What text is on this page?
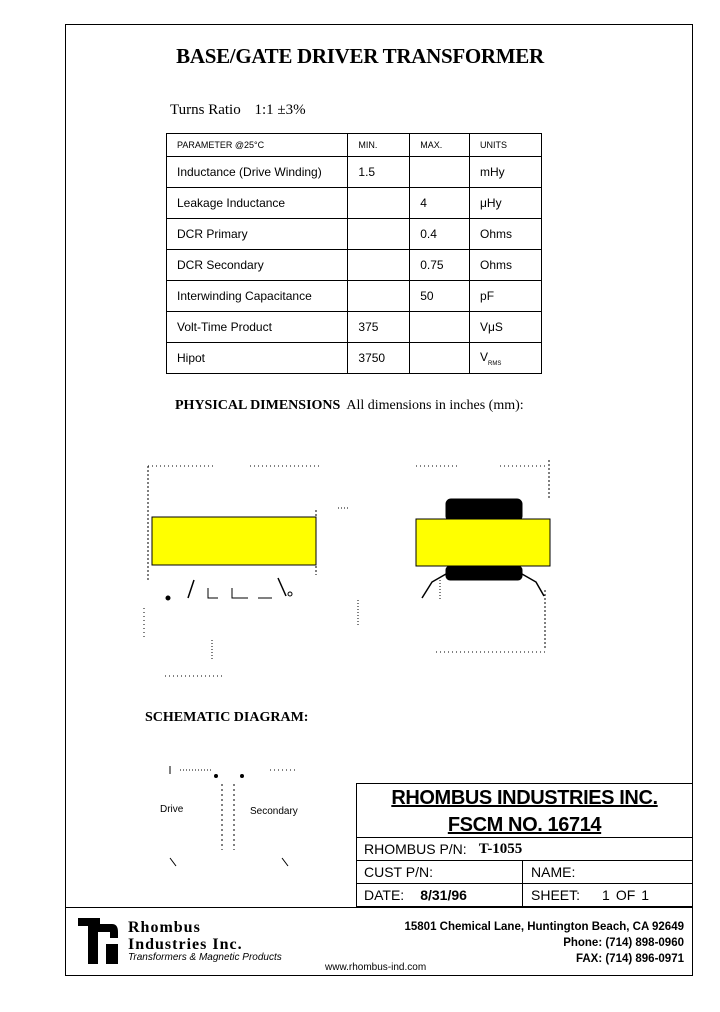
BASE/GATE DRIVER TRANSFORMER
Turns Ratio 1:1 ±3%
PARAMETER @25°C	MIN.	MAX.	UNITS
Inductance (Drive Winding)	1.5		mHy
Leakage Inductance		4	μHy
DCR Primary		0.4	Ohms
DCR Secondary		0.75	Ohms
Interwinding Capacitance		50	pF
Volt-Time Product	375		VμS
Hipot	3750		$V_{RMS}$
PHYSICAL DIMENSIONS All dimensions in inches (mm):
SCHEMATIC DIAGRAM:
Drive	Secondary
RHOMBUS INDUSTRIES INC.
FSCM NO. 16714
RHOMBUS P/N: T-1055
CUST P/N:	NAME:
DATE: 8/31/96	SHEET: 1 OF 1
Rhombus
Industries Inc.
Transformers & Magnetic Products
15801 Chemical Lane, Huntington Beach, CA 92649
Phone: (714) 898-0960
FAX: (714) 896-0971
www.rhombus-ind.com
